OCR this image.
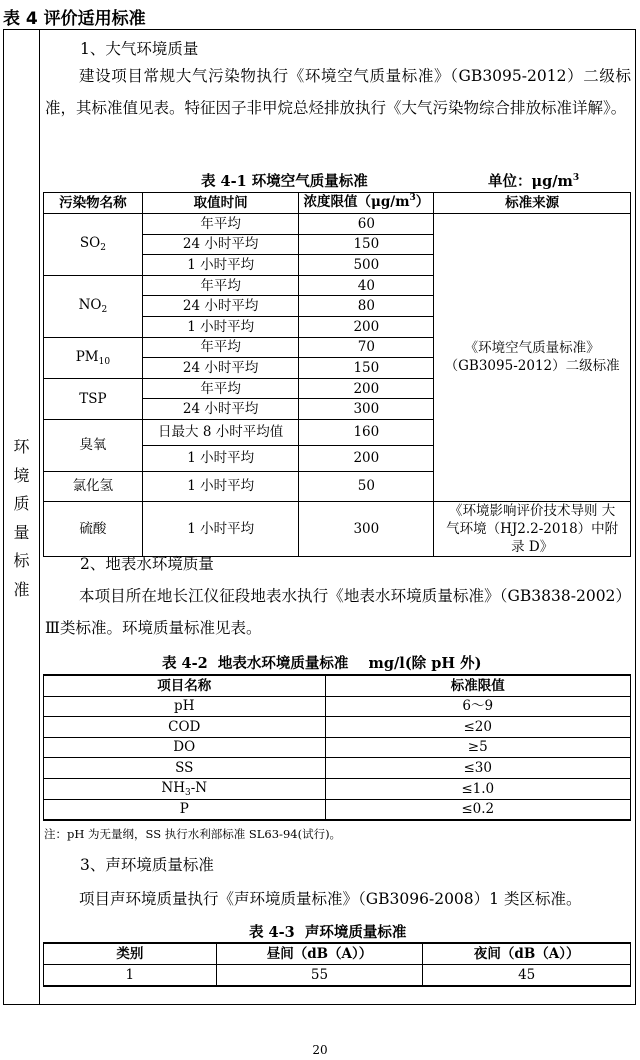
表 4 评价适用标准
环境质量标准
1、大气环境质量
建设项目常规大气污染物执行《环境空气质量标准》（GB3095-2012）二级标准，其标准值见表。特征因子非甲烷总烃排放执行《大气污染物综合排放标准详解》。
表 4-1 环境空气质量标准	单位：$\mu g/m^3$
污染物名称	取值时间	浓度限值$(\mu g/m^3)$	标准来源
$SO_2$	年平均	60	《环境空气质量标准》（GB3095-2012）二级标准
	24 小时平均	150	
	1 小时平均	500	
$NO_2$	年平均	40	
	24 小时平均	80	
	1 小时平均	200	
$PM_{10}$	年平均	70	
	24 小时平均	150	
TSP	年平均	200	
	24 小时平均	300	
臭氧	日最大 8 小时平均值	160	
	1 小时平均	200	
氯化氢	1 小时平均	50	
硫酸	1 小时平均	300	《环境影响评价技术导则 大气环境（HJ2.2-2018）中附录 D》
2、地表水环境质量
本项目所在地长江仪征段地表水执行《地表水环境质量标准》（GB3838-2002）Ⅲ类标准。环境质量标准见表。
表 4-2  地表水环境质量标准    mg/l(除 pH 外)
项目名称	标准限值
pH	6～9
COD	≤20
DO	≥5
SS	≤30
$NH_3-N$	≤1.0
P	≤0.2
注：pH 为无量纲，SS 执行水利部标准 SL63-94(试行)。
3、声环境质量标准
项目声环境质量执行《声环境质量标准》（GB3096-2008）1 类区标准。
表 4-3  声环境质量标准
类别	昼间（dB（A））	夜间（dB（A））
1	55	45
20
